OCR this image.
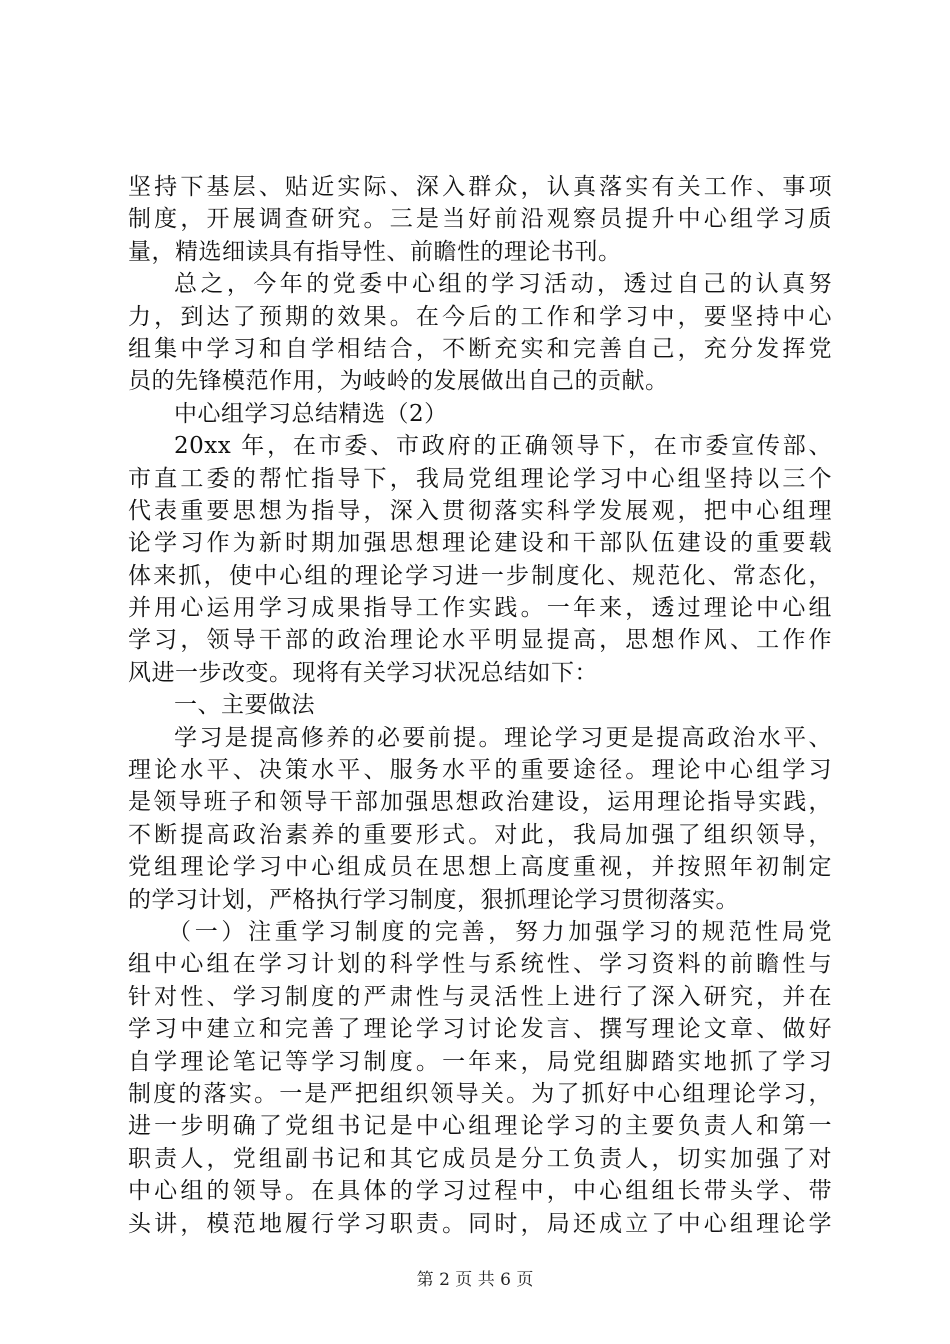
坚持下基层、贴近实际、深入群众，认真落实有关工作、事项
制度，开展调查研究。三是当好前沿观察员提升中心组学习质
量，精选细读具有指导性、前瞻性的理论书刊。
总之，今年的党委中心组的学习活动，透过自己的认真努
力，到达了预期的效果。在今后的工作和学习中，要坚持中心
组集中学习和自学相结合，不断充实和完善自己，充分发挥党
员的先锋模范作用，为岐岭的发展做出自己的贡献。
中心组学习总结精选（2）
20xx 年，在市委、市政府的正确领导下，在市委宣传部、
市直工委的帮忙指导下，我局党组理论学习中心组坚持以三个
代表重要思想为指导，深入贯彻落实科学发展观，把中心组理
论学习作为新时期加强思想理论建设和干部队伍建设的重要载
体来抓，使中心组的理论学习进一步制度化、规范化、常态化，
并用心运用学习成果指导工作实践。一年来，透过理论中心组
学习，领导干部的政治理论水平明显提高，思想作风、工作作
风进一步改变。现将有关学习状况总结如下：
一、主要做法
学习是提高修养的必要前提。理论学习更是提高政治水平、
理论水平、决策水平、服务水平的重要途径。理论中心组学习
是领导班子和领导干部加强思想政治建设，运用理论指导实践，
不断提高政治素养的重要形式。对此，我局加强了组织领导，
党组理论学习中心组成员在思想上高度重视，并按照年初制定
的学习计划，严格执行学习制度，狠抓理论学习贯彻落实。
（一）注重学习制度的完善，努力加强学习的规范性局党
组中心组在学习计划的科学性与系统性、学习资料的前瞻性与
针对性、学习制度的严肃性与灵活性上进行了深入研究，并在
学习中建立和完善了理论学习讨论发言、撰写理论文章、做好
自学理论笔记等学习制度。一年来，局党组脚踏实地抓了学习
制度的落实。一是严把组织领导关。为了抓好中心组理论学习，
进一步明确了党组书记是中心组理论学习的主要负责人和第一
职责人，党组副书记和其它成员是分工负责人，切实加强了对
中心组的领导。在具体的学习过程中，中心组组长带头学、带
头讲，模范地履行学习职责。同时，局还成立了中心组理论学
第 2 页 共 6 页
